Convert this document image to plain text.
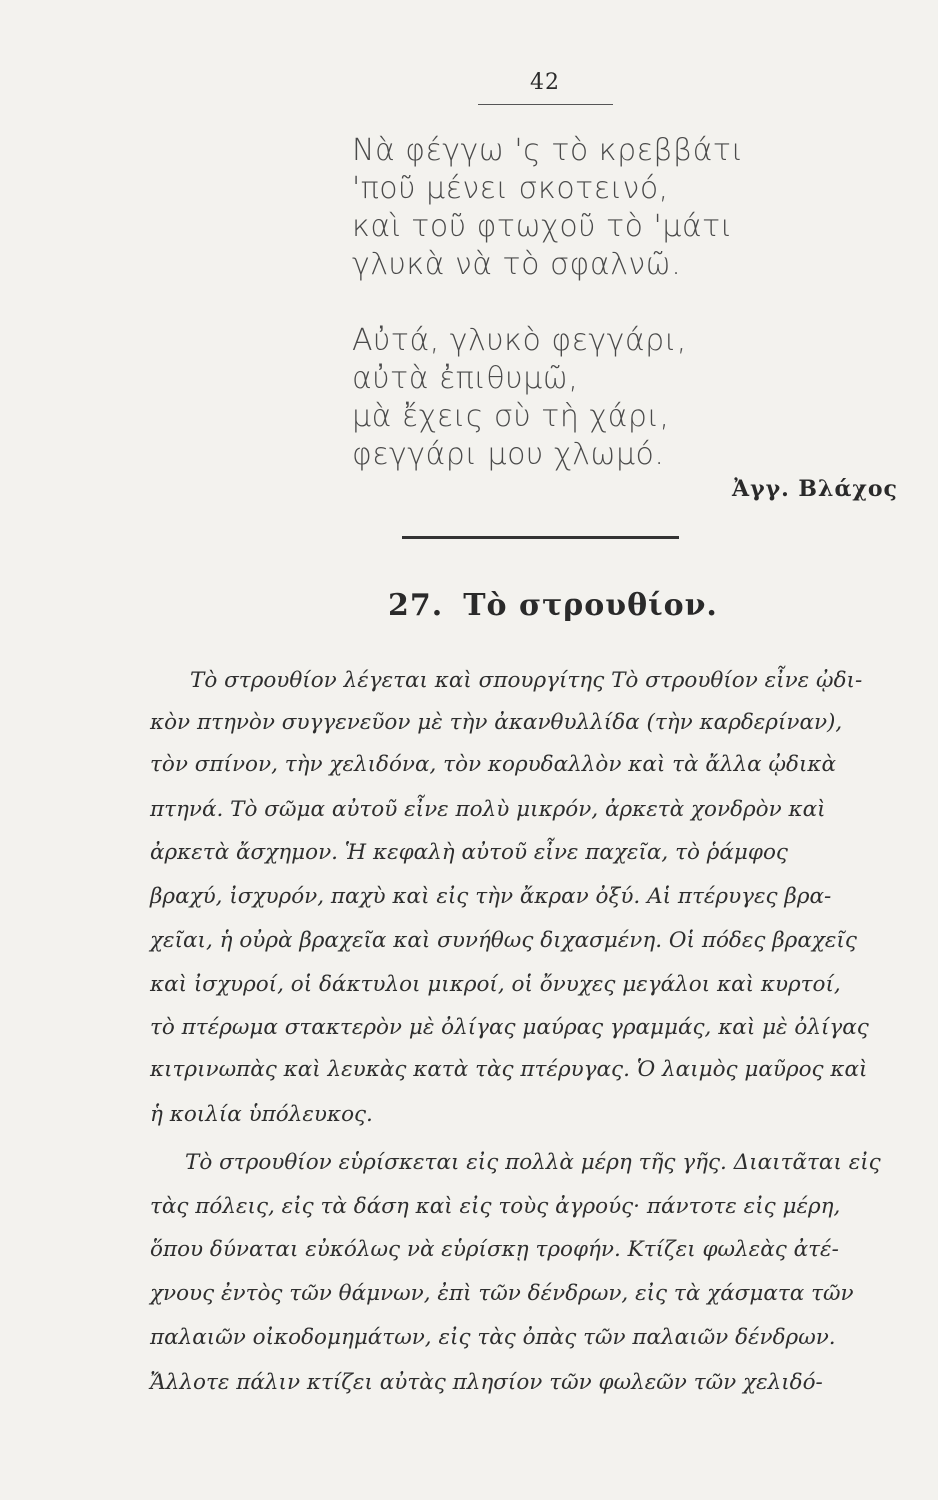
42
Νὰ φέγγω 'ς τὸ κρεββάτι
'ποῦ μένει σκοτεινό,
καὶ τοῦ φτωχοῦ τὸ 'μάτι
γλυκὰ νὰ τὸ σφαλνῶ.
Αὐτά, γλυκὸ φεγγάρι,
αὐτὰ ἐπιθυμῶ,
μὰ ἔχεις σὺ τὴ χάρι,
φεγγάρι μου χλωμό.
Ἀγγ. Βλάχος
27. Τὸ στρουθίον.
Τὸ στρουθίον λέγεται καὶ σπουργίτης Τὸ στρουθίον εἶνε ᾠδι-
κὸν πτηνὸν συγγενεῦον μὲ τὴν ἀκανθυλλίδα (τὴν καρδερίναν),
τὸν σπίνον, τὴν χελιδόνα, τὸν κορυδαλλὸν καὶ τὰ ἄλλα ᾠδικὰ
πτηνά. Τὸ σῶμα αὐτοῦ εἶνε πολὺ μικρόν, ἀρκετὰ χονδρὸν καὶ
ἀρκετὰ ἄσχημον. Ἡ κεφαλὴ αὐτοῦ εἶνε παχεῖα, τὸ ῥάμφος
βραχύ, ἰσχυρόν, παχὺ καὶ εἰς τὴν ἄκραν ὀξύ. Αἱ πτέρυγες βρα-
χεῖαι, ἡ οὐρὰ βραχεῖα καὶ συνήθως διχασμένη. Οἱ πόδες βραχεῖς
καὶ ἰσχυροί, οἱ δάκτυλοι μικροί, οἱ ὄνυχες μεγάλοι καὶ κυρτοί,
τὸ πτέρωμα στακτερὸν μὲ ὀλίγας μαύρας γραμμάς, καὶ μὲ ὀλίγας
κιτρινωπὰς καὶ λευκὰς κατὰ τὰς πτέρυγας. Ὁ λαιμὸς μαῦρος καὶ
ἡ κοιλία ὑπόλευκος.
Τὸ στρουθίον εὑρίσκεται εἰς πολλὰ μέρη τῆς γῆς. Διαιτᾶται εἰς
τὰς πόλεις, εἰς τὰ δάση καὶ εἰς τοὺς ἀγρούς· πάντοτε εἰς μέρη,
ὅπου δύναται εὐκόλως νὰ εὑρίσκῃ τροφήν. Κτίζει φωλεὰς ἀτέ-
χνους ἐντὸς τῶν θάμνων, ἐπὶ τῶν δένδρων, εἰς τὰ χάσματα τῶν
παλαιῶν οἰκοδομημάτων, εἰς τὰς ὀπὰς τῶν παλαιῶν δένδρων.
Ἄλλοτε πάλιν κτίζει αὐτὰς πλησίον τῶν φωλεῶν τῶν χελιδό-
